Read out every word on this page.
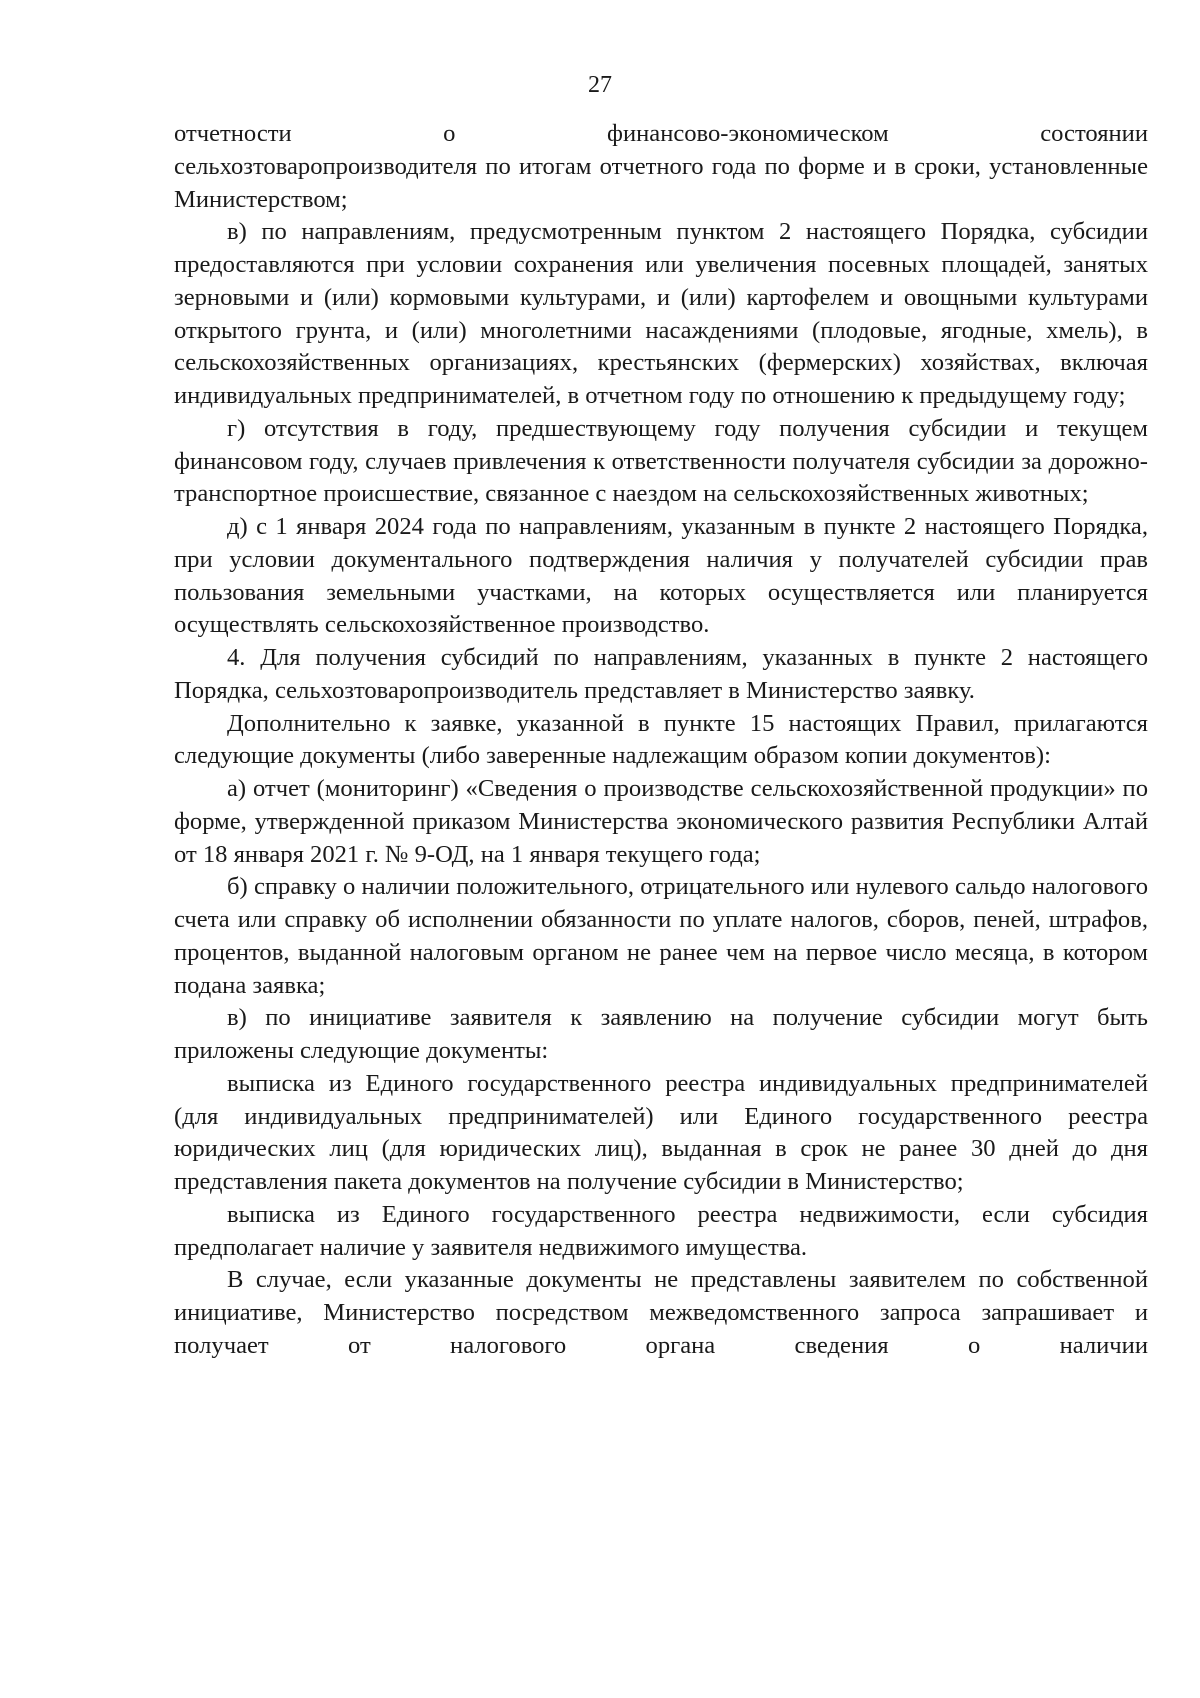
27

отчетности о финансово-экономическом состоянии

сельхозтоваропроизводителя по итогам отчетного года по форме и в сроки, установленные Министерством;

в) по направлениям, предусмотренным пунктом 2 настоящего Порядка, субсидии предоставляются при условии сохранения или увеличения посевных площадей, занятых зерновыми и (или) кормовыми культурами, и (или) картофелем и овощными культурами открытого грунта, и (или) многолетними насаждениями (плодовые, ягодные, хмель), в сельскохозяйственных организациях, крестьянских (фермерских) хозяйствах, включая индивидуальных предпринимателей, в отчетном году по отношению к предыдущему году;

г) отсутствия в году, предшествующему году получения субсидии и текущем финансовом году, случаев привлечения к ответственности получателя субсидии за дорожно-транспортное происшествие, связанное с наездом на сельскохозяйственных животных;

д) с 1 января 2024 года по направлениям, указанным в пункте 2 настоящего Порядка, при условии документального подтверждения наличия у получателей субсидии прав пользования земельными участками, на которых осуществляется или планируется осуществлять сельскохозяйственное производство.

4. Для получения субсидий по направлениям, указанных в пункте 2 настоящего Порядка, сельхозтоваропроизводитель представляет в Министерство заявку.

Дополнительно к заявке, указанной в пункте 15 настоящих Правил, прилагаются следующие документы (либо заверенные надлежащим образом копии документов):

а) отчет (мониторинг) «Сведения о производстве сельскохозяйственной продукции» по форме, утвержденной приказом Министерства экономического развития Республики Алтай от 18 января 2021 г. № 9-ОД, на 1 января текущего года;

б) справку о наличии положительного, отрицательного или нулевого сальдо налогового счета или справку об исполнении обязанности по уплате налогов, сборов, пеней, штрафов, процентов, выданной налоговым органом не ранее чем на первое число месяца, в котором подана заявка;

в) по инициативе заявителя к заявлению на получение субсидии могут быть приложены следующие документы:

выписка из Единого государственного реестра индивидуальных предпринимателей (для индивидуальных предпринимателей) или Единого государственного реестра юридических лиц (для юридических лиц), выданная в срок не ранее 30 дней до дня представления пакета документов на получение субсидии в Министерство;

выписка из Единого государственного реестра недвижимости, если субсидия предполагает наличие у заявителя недвижимого имущества.

В случае, если указанные документы не представлены заявителем по собственной инициативе, Министерство посредством межведомственного запроса запрашивает и получает от налогового органа сведения о наличии
